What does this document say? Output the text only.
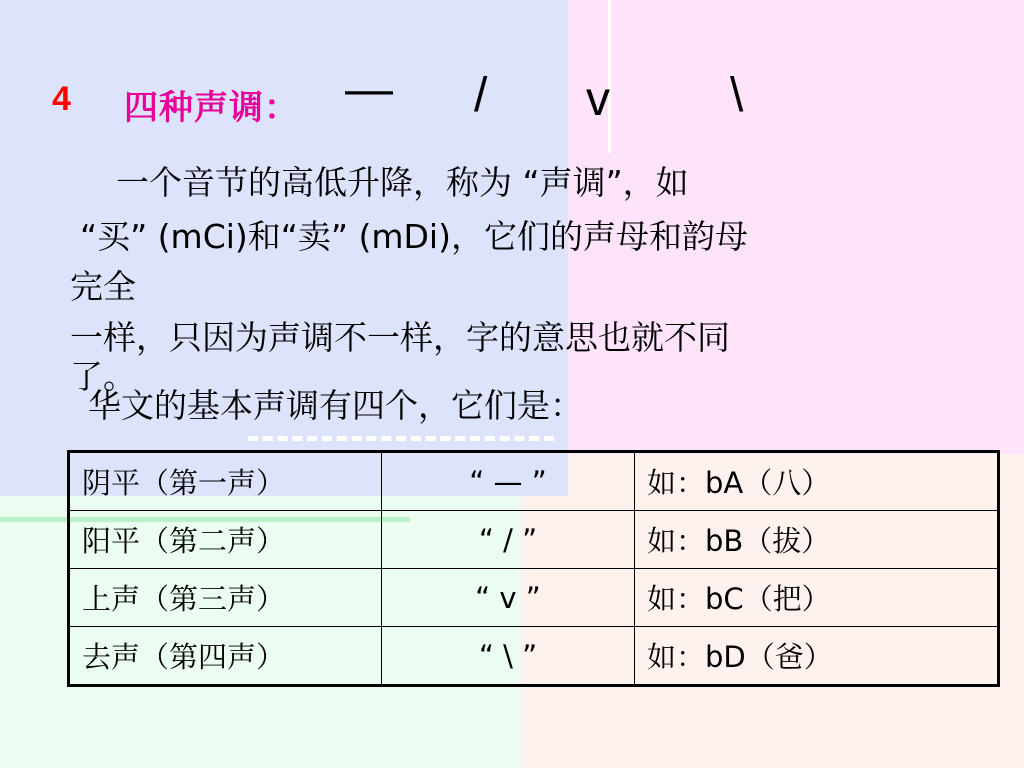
4 四种声调： — / v	\
一个音节的高低升降，称为 “声调”，如
“买” (mCi)和“卖” (mDi)，它们的声母和韵母
完全
一样，只因为声调不一样，字的意思也就不同
了。
华文的基本声调有四个，它们是：
阴平（第一声）	“ — ”	如：bA（八）
阳平（第二声）	“ / ”	如：bB（拔）
上声（第三声）	“ v ”	如：bC（把）
去声（第四声）	“ \ ”	如：bD（爸）
